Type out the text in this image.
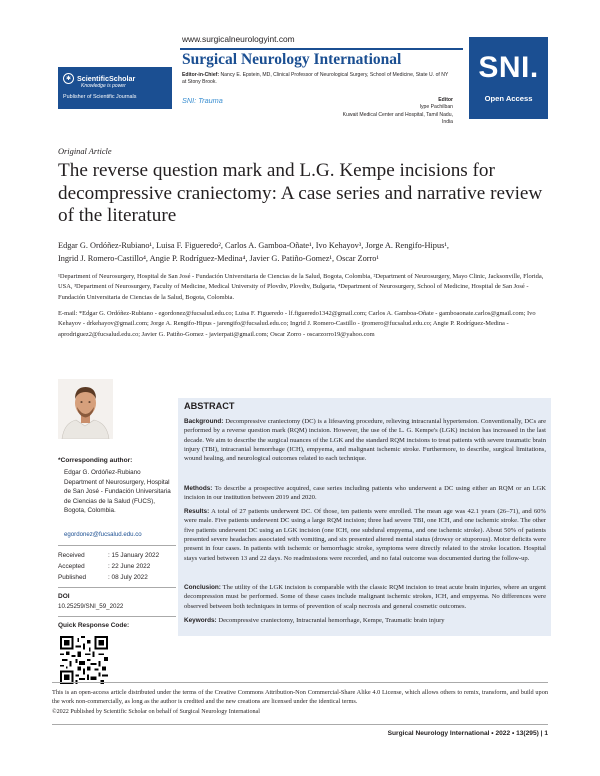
✱ ScientificScholar
Knowledge is power
Publisher of Scientific Journals
www.surgicalneurologyint.com
Surgical Neurology International
Editor-in-Chief: Nancy E. Epstein, MD, Clinical Professor of Neurological Surgery, School of Medicine, State U. of NY at Stony Brook.
SNI: Trauma	Editor
Iype Pachilban
Kuwait Medical Center and Hospital, Tamil Nadu, India
SNI.
Open Access
Original Article
The reverse question mark and L.G. Kempe incisions for decompressive craniectomy: A case series and narrative review of the literature
Edgar G. Ordóñez-Rubiano¹, Luisa F. Figueredo², Carlos A. Gamboa-Oñate¹, Ivo Kehayov³, Jorge A. Rengifo-Hipus¹,
Ingrid J. Romero-Castillo⁴, Angie P. Rodríguez-Medina⁴, Javier G. Patiño-Gomez¹, Oscar Zorro¹
¹Department of Neurosurgery, Hospital de San José - Fundación Universitaria de Ciencias de la Salud, Bogota, Colombia, ²Department of Neurosurgery, Mayo Clinic, Jacksonville, Florida, USA, ³Department of Neurosurgery, Faculty of Medicine, Medical University of Plovdiv, Plovdiv, Bulgaria, ⁴Department of Neurosurgery, School of Medicine, Hospital de San José - Fundación Universitaria de Ciencias de la Salud, Bogota, Colombia.
E-mail: *Edgar G. Ordóñez-Rubiano - egordonez@fucsalud.edu.co; Luisa F. Figueredo - lf.figueredo1342@gmail.com; Carlos A. Gamboa-Oñate - gamboaonate.carlos@gmail.com; Ivo Kehayov - drkehayov@gmail.com; Jorge A. Rengifo-Hipus - jarengifo@fucsalud.edu.co; Ingrid J. Romero-Castillo - ijromero@fucsalud.edu.co; Angie P. Rodríguez-Medina - aprodriguez2@fucsalud.edu.co; Javier G. Patiño-Gomez - javierpati@gmail.com; Oscar Zorro - oscarzorro19@yahoo.com
*Corresponding author:
Edgar G. Ordóñez-Rubiano Department of Neurosurgery, Hospital de San José - Fundación Universitaria de Ciencias de la Salud (FUCS), Bogota, Colombia.
egordonez@fucsalud.edu.co
Received	: 15 January 2022
Accepted	: 22 June 2022
Published	: 08 July 2022
DOI
10.25259/SNI_59_2022
Quick Response Code:
ABSTRACT
Background: Decompressive craniectomy (DC) is a lifesaving procedure, relieving intracranial hypertension. Conventionally, DCs are performed by a reverse question mark (RQM) incision. However, the use of the L. G. Kempe's (LGK) incision has increased in the last decade. We aim to describe the surgical nuances of the LGK and the standard RQM incisions to treat patients with severe traumatic brain injury (TBI), intracranial hemorrhage (ICH), empyema, and malignant ischemic stroke. Furthermore, to describe, surgical limitations, wound healing, and neurological outcomes related to each technique.
Methods: To describe a prospective acquired, case series including patients who underwent a DC using either an RQM or an LGK incision in our institution between 2019 and 2020.
Results: A total of 27 patients underwent DC. Of those, ten patients were enrolled. The mean age was 42.1 years (26–71), and 60% were male. Five patients underwent DC using a large RQM incision; three had severe TBI, one ICH, and one ischemic stroke. The other five patients underwent DC using an LGK incision (one ICH, one subdural empyema, and one ischemic stroke). About 50% of patients presented severe headaches associated with vomiting, and six presented altered mental status (drowsy or stuporous). Motor deficits were present in four cases. In patients with ischemic or hemorrhagic stroke, symptoms were directly related to the stroke location. Hospital stays varied between 13 and 22 days. No readmissions were recorded, and no fatal outcome was documented during the follow-up.
Conclusion: The utility of the LGK incision is comparable with the classic RQM incision to treat acute brain injuries, where an urgent decompression must be performed. Some of these cases include malignant ischemic strokes, ICH, and empyema. No differences were observed between both techniques in terms of prevention of scalp necrosis and general cosmetic outcomes.
Keywords: Decompressive craniectomy, Intracranial hemorrhage, Kempe, Traumatic brain injury
This is an open-access article distributed under the terms of the Creative Commons Attribution-Non Commercial-Share Alike 4.0 License, which allows others to remix, transform, and build upon the work non-commercially, as long as the author is credited and the new creations are licensed under the identical terms.
©2022 Published by Scientific Scholar on behalf of Surgical Neurology International
Surgical Neurology International • 2022 • 13(295) | 1
